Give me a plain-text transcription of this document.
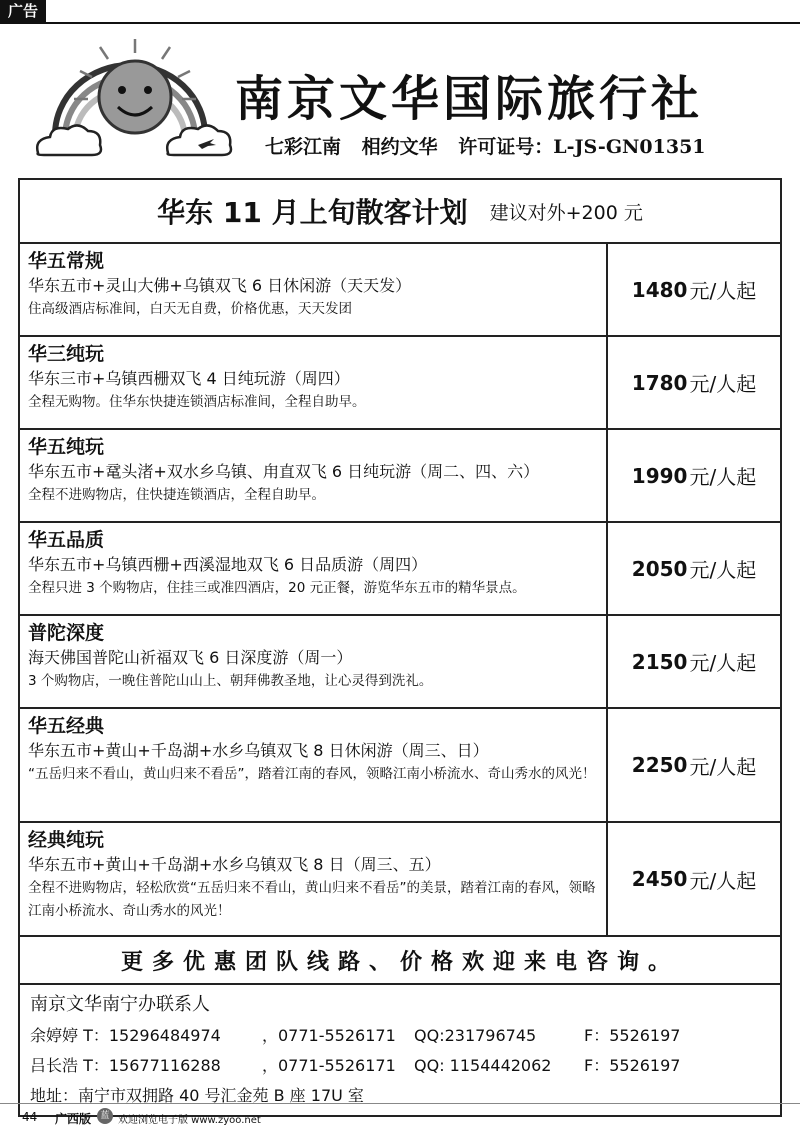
广告
南京文华国际旅行社
七彩江南 相约文华 许可证号：L-JS-GN01351
华东 11 月上旬散客计划 建议对外+200 元
华五常规
华东五市+灵山大佛+乌镇双飞 6 日休闲游（天天发）
住高级酒店标准间，白天无自费，价格优惠，天天发团
1480 元/人起
华三纯玩
华东三市+乌镇西栅双飞 4 日纯玩游（周四）
全程无购物。住华东快捷连锁酒店标准间，全程自助早。
1780 元/人起
华五纯玩
华东五市+鼋头渚+双水乡乌镇、甪直双飞 6 日纯玩游（周二、四、六）
全程不进购物店，住快捷连锁酒店，全程自助早。
1990 元/人起
华五品质
华东五市+乌镇西栅+西溪湿地双飞 6 日品质游（周四）
全程只进 3 个购物店，住挂三或准四酒店，20 元正餐，游览华东五市的精华景点。
2050 元/人起
普陀深度
海天佛国普陀山祈福双飞 6 日深度游（周一）
3 个购物店，一晚住普陀山山上、朝拜佛教圣地，让心灵得到洗礼。
2150 元/人起
华五经典
华东五市+黄山+千岛湖+水乡乌镇双飞 8 日休闲游（周三、日）
“五岳归来不看山，黄山归来不看岳”，踏着江南的春风，领略江南小桥流水、奇山秀水的风光！	2250 元/人起
经典纯玩
华东五市+黄山+千岛湖+水乡乌镇双飞 8 日（周三、五）
全程不进购物店，轻松欣赏“五岳归来不看山，黄山归来不看岳”的美景，踏着江南的春风，领略江南小桥流水、奇山秀水的风光！
2450 元/人起
更多优惠团队线路、价格欢迎来电咨询。
南京文华南宁办联系人
余婷婷 T：15296484974	，0771-5526171	QQ:231796745	F：5526197
吕长浩 T：15677116288	，0771-5526171	QQ: 1154442062	F：5526197
地址：南宁市双拥路 40 号汇金苑 B 座 17U 室
44 广西版	蓝 欢迎浏览电子版 www.zyoo.net
